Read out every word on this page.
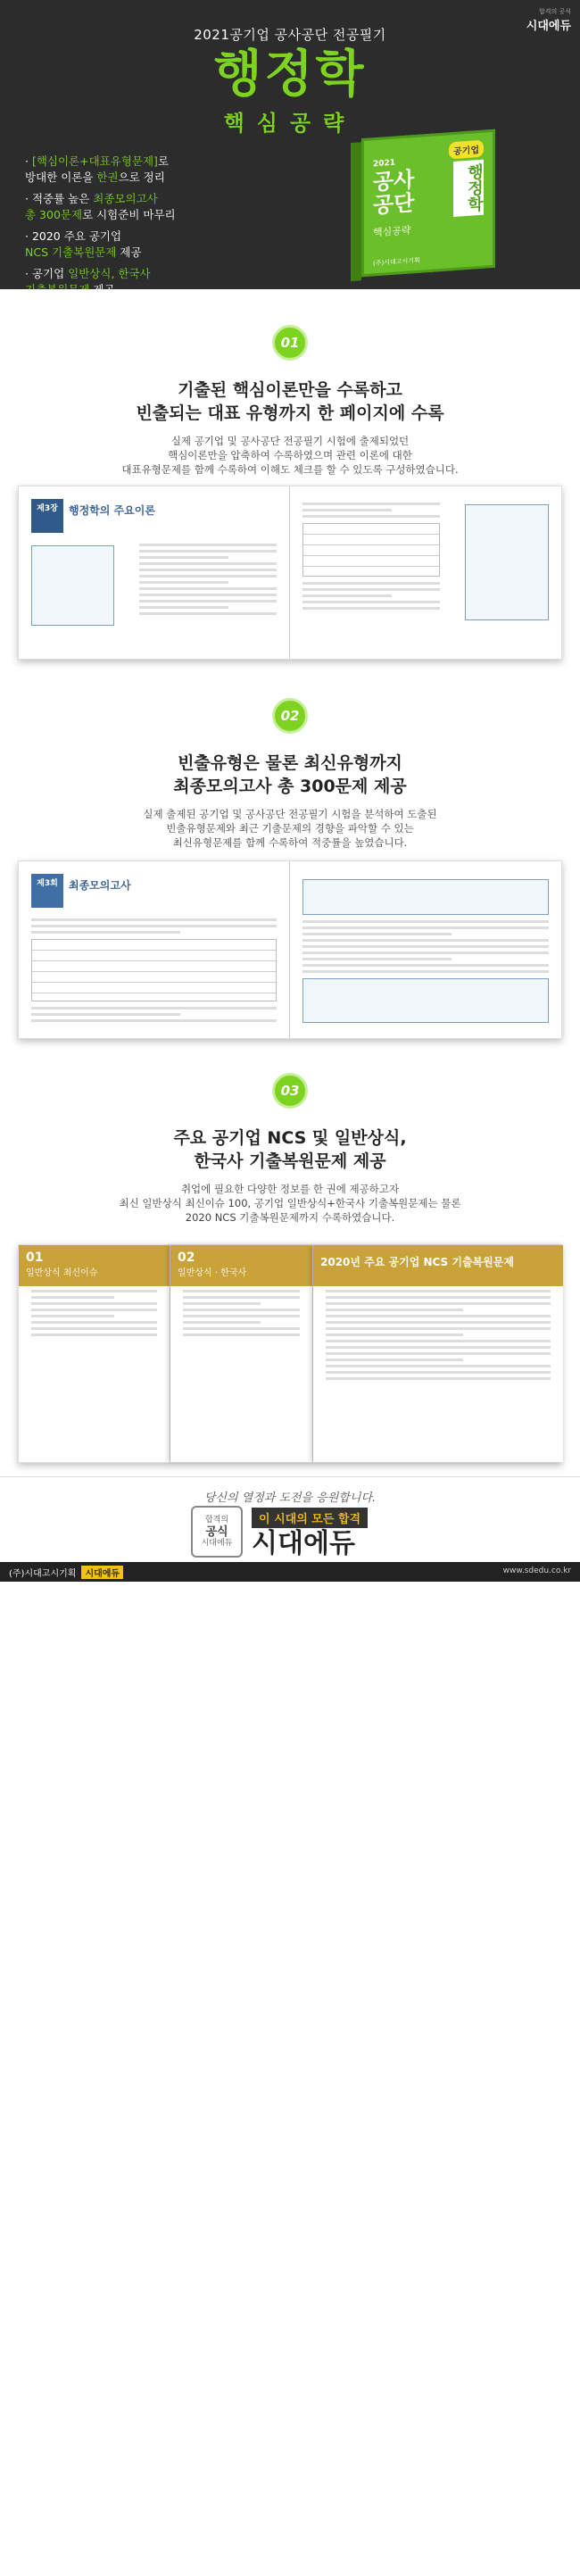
합격의 공식
시대에듀
2021공기업 공사공단 전공필기
행정학
핵심공략
· [핵심이론+대표유형문제]로
방대한 이론을 한권으로 정리
· 적중률 높은 최종모의고사
총 300문제로 시험준비 마무리
· 2020 주요 공기업
NCS 기출복원문제 제공
· 공기업 일반상식, 한국사

공기업
2021
공사
공단
핵심공략
행정학
(주)시대고시기획
01
기출된 핵심이론만을 수록하고
빈출되는 대표 유형까지 한 페이지에 수록
실제 공기업 및 공사공단 전공필기 시험에 출제되었던
핵심이론만을 압축하여 수록하였으며 관련 이론에 대한
대표유형문제를 함께 수록하여 이해도 체크를 할 수 있도록 구성하였습니다.
제3장	행정학의 주요이론
02
빈출유형은 물론 최신유형까지
최종모의고사 총 300문제 제공
실제 출제된 공기업 및 공사공단 전공필기 시험을 분석하여 도출된
빈출유형문제와 최근 기출문제의 경향을 파악할 수 있는
최신유형문제를 함께 수록하여 적중률을 높였습니다.
제3회	최종모의고사
03
주요 공기업 NCS 및 일반상식,
한국사 기출복원문제 제공
취업에 필요한 다양한 정보를 한 권에 제공하고자
최신 일반상식 최신이슈 100, 공기업 일반상식+한국사 기출복원문제는 물론
2020 NCS 기출복원문제까지 수록하였습니다.
01
일반상식 최신이슈
02
일반상식 · 한국사
2020년 주요 공기업 NCS 기출복원문제
당신의 열정과 도전을 응원합니다.
합격의
공식
시대에듀
이 시대의 모든 합격
시대에듀
(주)시대고시기획 시대에듀	www.sdedu.co.kr
